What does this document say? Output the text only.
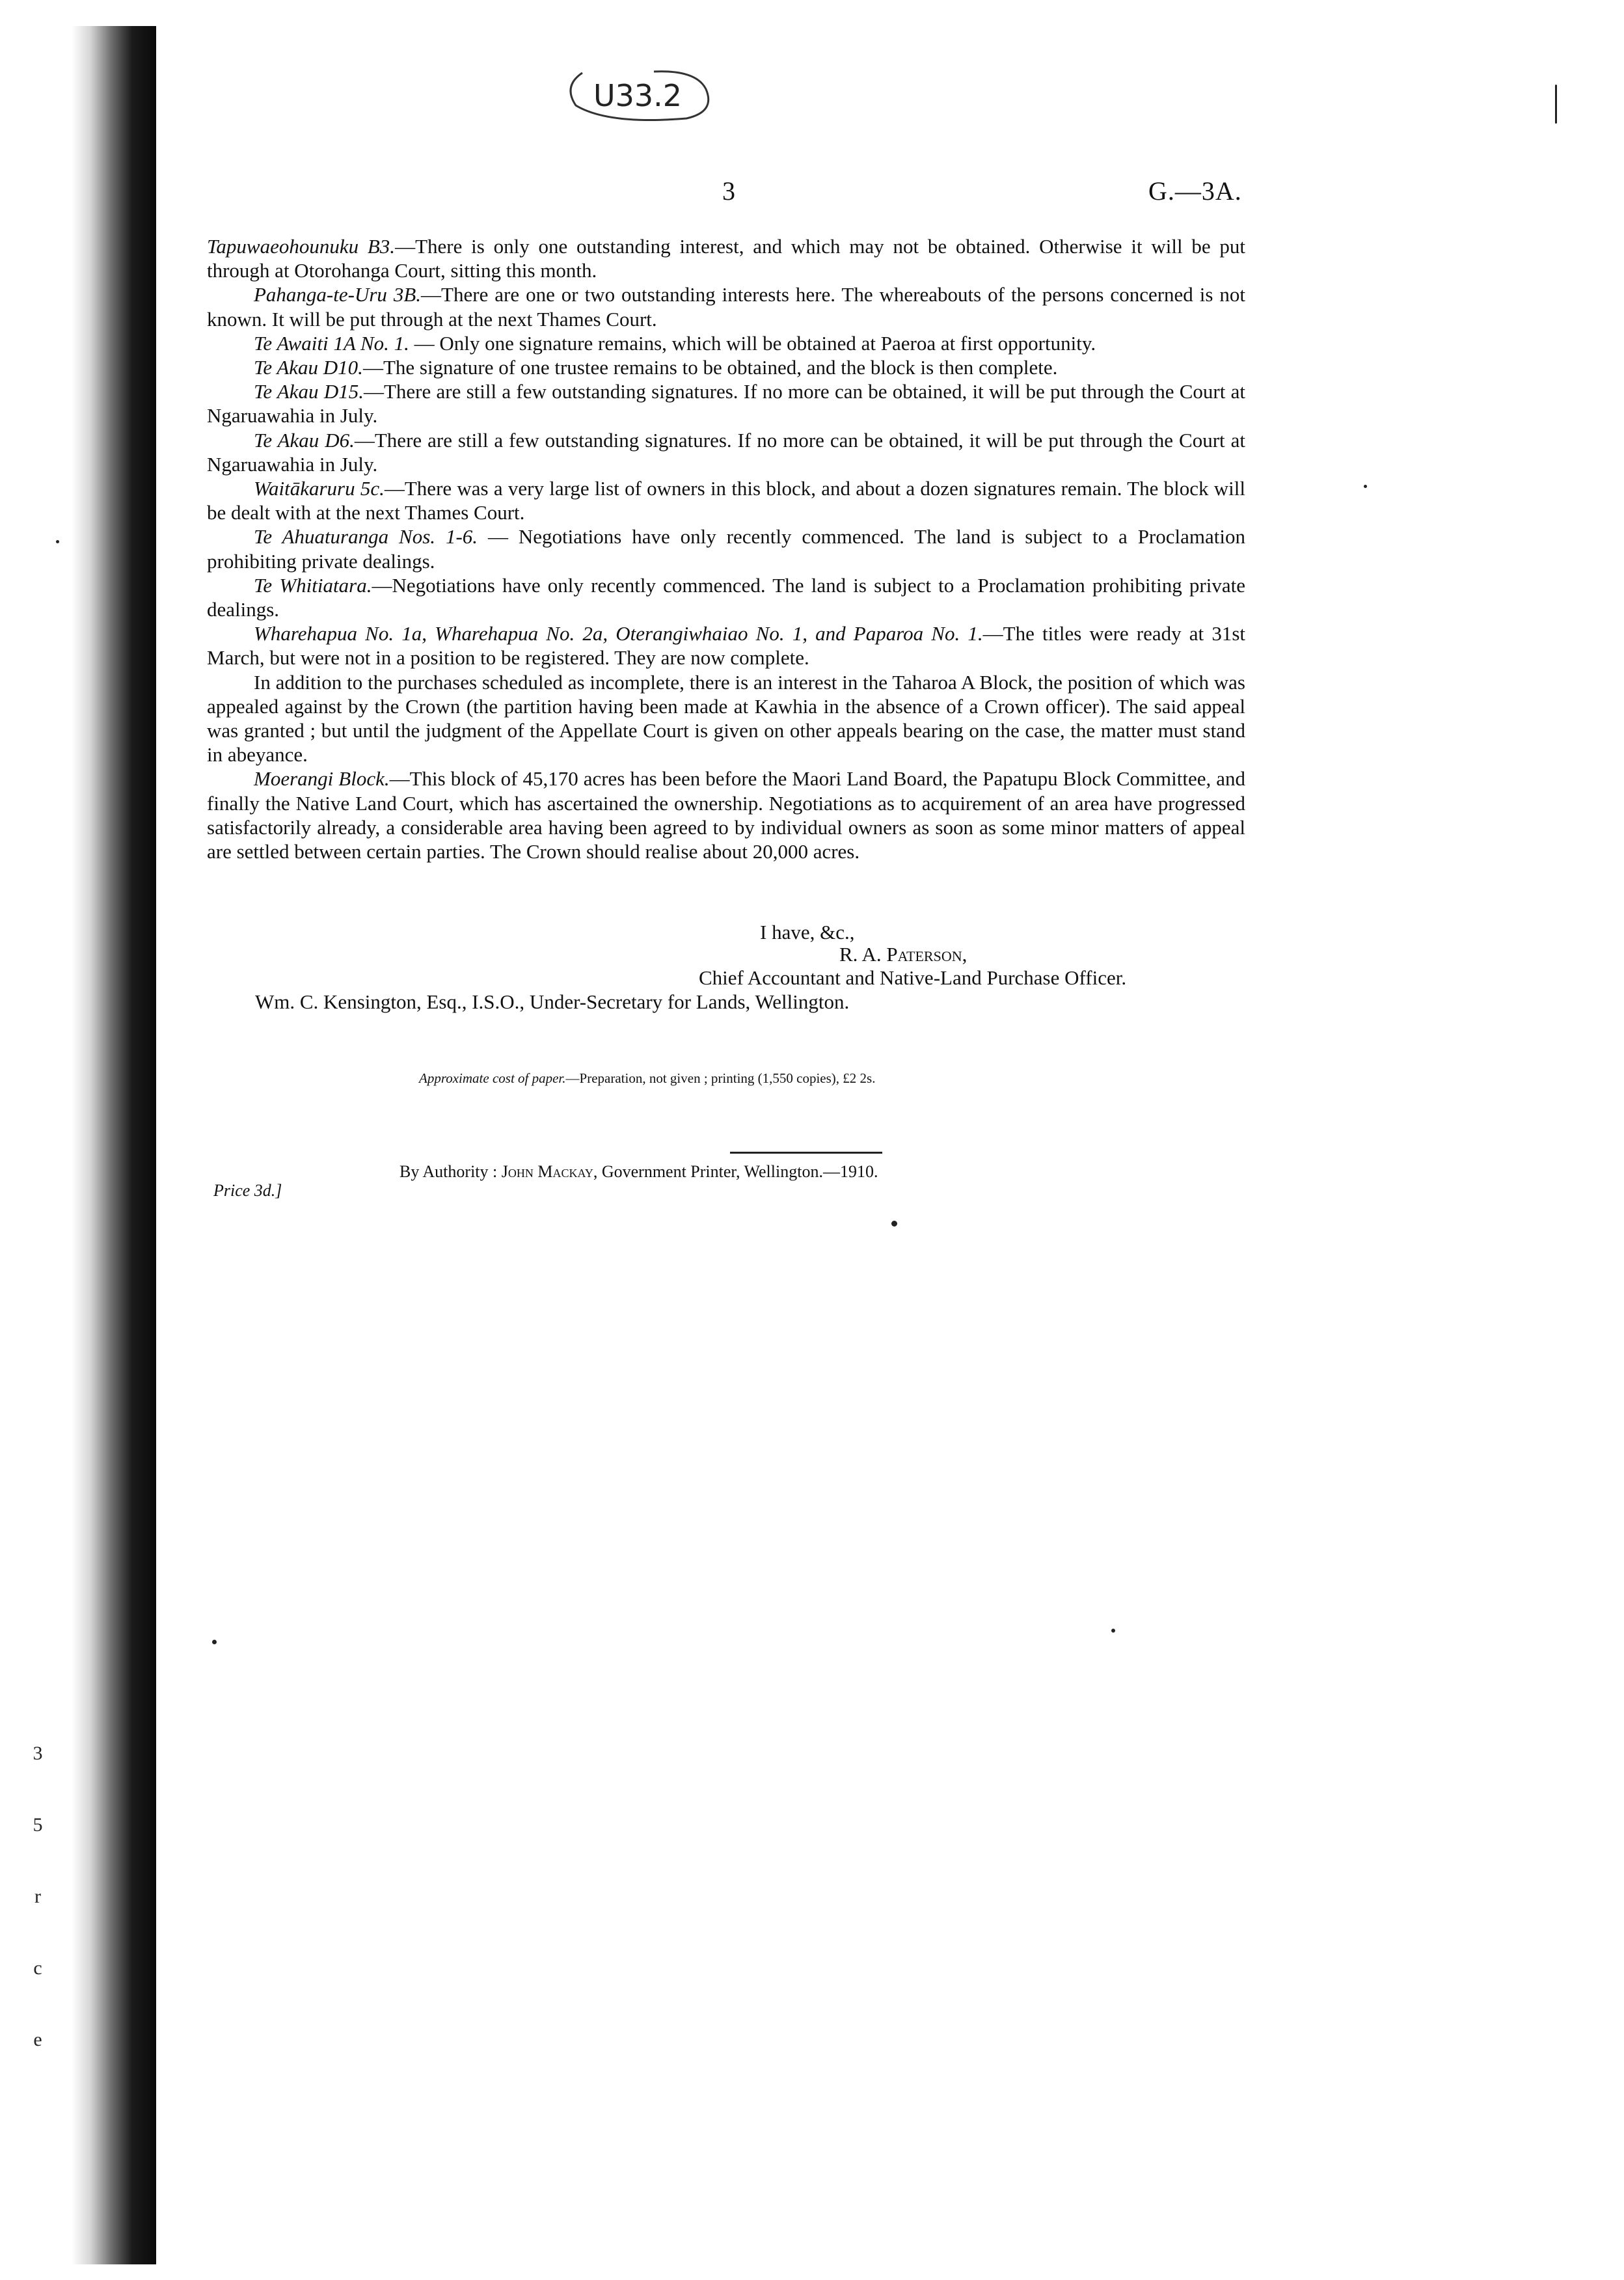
3
5
r
c
e
U33.2
3	G.—3A.

Tapuwaeohounuku B3.—There is only one outstanding interest, and which may not be obtained. Otherwise it will be put through at Otorohanga Court, sitting this month.

Pahanga-te-Uru 3B.—There are one or two outstanding interests here. The whereabouts of the persons concerned is not known. It will be put through at the next Thames Court.

Te Awaiti 1A No. 1. — Only one signature remains, which will be obtained at Paeroa at first opportunity.

Te Akau D10.—The signature of one trustee remains to be obtained, and the block is then complete.

Te Akau D15.—There are still a few outstanding signatures. If no more can be obtained, it will be put through the Court at Ngaruawahia in July.

Te Akau D6.—There are still a few outstanding signatures. If no more can be obtained, it will be put through the Court at Ngaruawahia in July.

Waitākaruru 5c.—There was a very large list of owners in this block, and about a dozen signatures remain. The block will be dealt with at the next Thames Court.

Te Ahuaturanga Nos. 1-6. — Negotiations have only recently commenced. The land is subject to a Proclamation prohibiting private dealings.

Te Whitiatara.—Negotiations have only recently commenced. The land is subject to a Proclamation prohibiting private dealings.

Wharehapua No. 1a, Wharehapua No. 2a, Oterangiwhaiao No. 1, and Paparoa No. 1.—The titles were ready at 31st March, but were not in a position to be registered. They are now complete.

In addition to the purchases scheduled as incomplete, there is an interest in the Taharoa A Block, the position of which was appealed against by the Crown (the partition having been made at Kawhia in the absence of a Crown officer). The said appeal was granted ; but until the judgment of the Appellate Court is given on other appeals bearing on the case, the matter must stand in abeyance.

Moerangi Block.—This block of 45,170 acres has been before the Maori Land Board, the Papatupu Block Committee, and finally the Native Land Court, which has ascertained the ownership. Negotiations as to acquirement of an area have progressed satisfactorily already, a considerable area having been agreed to by individual owners as soon as some minor matters of appeal are settled between certain parties. The Crown should realise about 20,000 acres.

I have, &c.,
R. A. Paterson,
Chief Accountant and Native-Land Purchase Officer.
Wm. C. Kensington, Esq., I.S.O., Under-Secretary for Lands, Wellington.
Approximate cost of paper.—Preparation, not given ; printing (1,550 copies), £2 2s.
By Authority : John Mackay, Government Printer, Wellington.—1910.
Price 3d.]
